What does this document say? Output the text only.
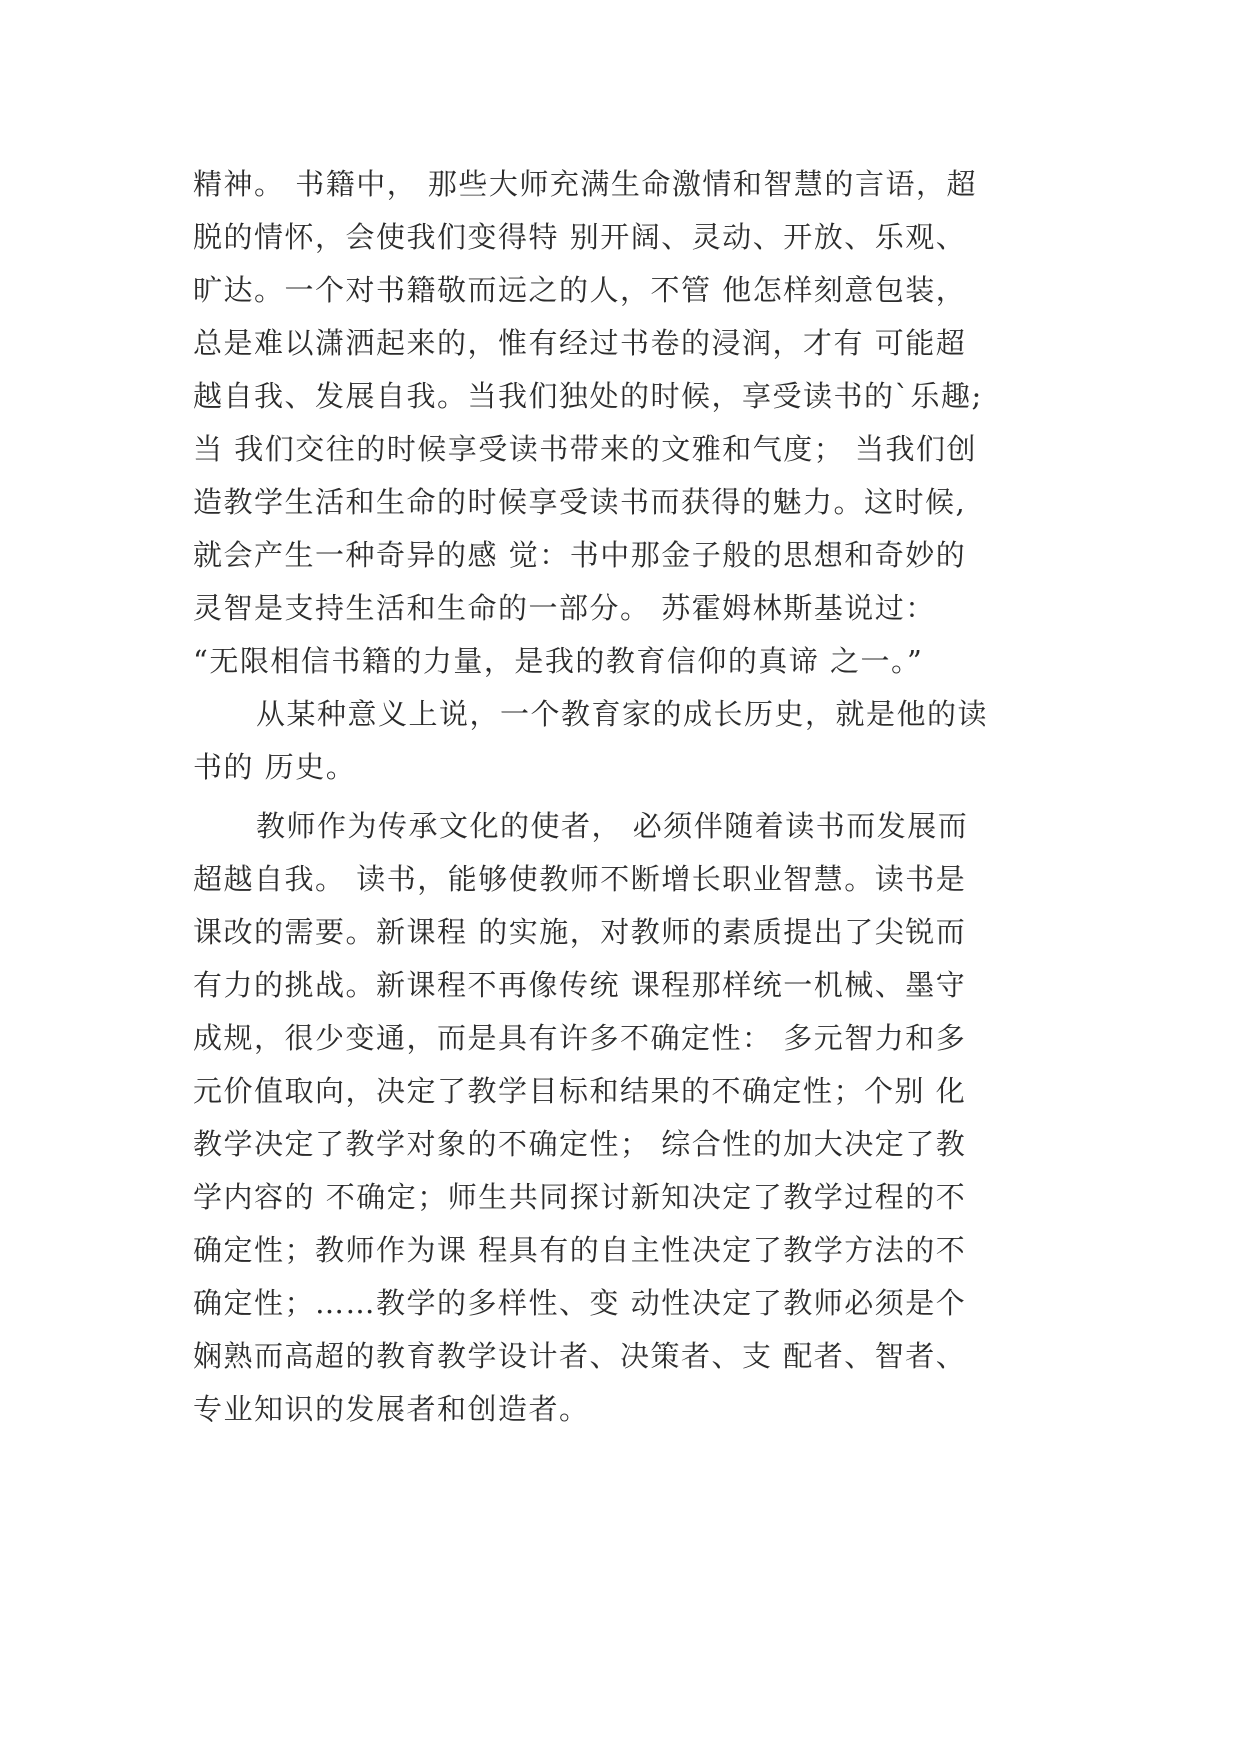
精神。 书籍中， 那些大师充满生命激情和智慧的言语，超
脱的情怀，会使我们变得特 别开阔、灵动、开放、乐观、
旷达。一个对书籍敬而远之的人，不管 他怎样刻意包装，
总是难以潇洒起来的，惟有经过书卷的浸润，才有 可能超
越自我、发展自我。当我们独处的时候，享受读书的`乐趣;
当 我们交往的时候享受读书带来的文雅和气度； 当我们创
造教学生活和生命的时候享受读书而获得的魅力。这时候,
就会产生一种奇异的感 觉：书中那金子般的思想和奇妙的
灵智是支持生活和生命的一部分。 苏霍姆林斯基说过：
“无限相信书籍的力量，是我的教育信仰的真谛 之一。”
从某种意义上说，一个教育家的成长历史，就是他的读
书的 历史。
教师作为传承文化的使者， 必须伴随着读书而发展而
超越自我。 读书，能够使教师不断增长职业智慧。读书是
课改的需要。新课程 的实施，对教师的素质提出了尖锐而
有力的挑战。新课程不再像传统 课程那样统一机械、墨守
成规，很少变通，而是具有许多不确定性： 多元智力和多
元价值取向，决定了教学目标和结果的不确定性；个别 化
教学决定了教学对象的不确定性； 综合性的加大决定了教
学内容的 不确定；师生共同探讨新知决定了教学过程的不
确定性；教师作为课 程具有的自主性决定了教学方法的不
确定性；……教学的多样性、变 动性决定了教师必须是个
娴熟而高超的教育教学设计者、决策者、支 配者、智者、
专业知识的发展者和创造者。
